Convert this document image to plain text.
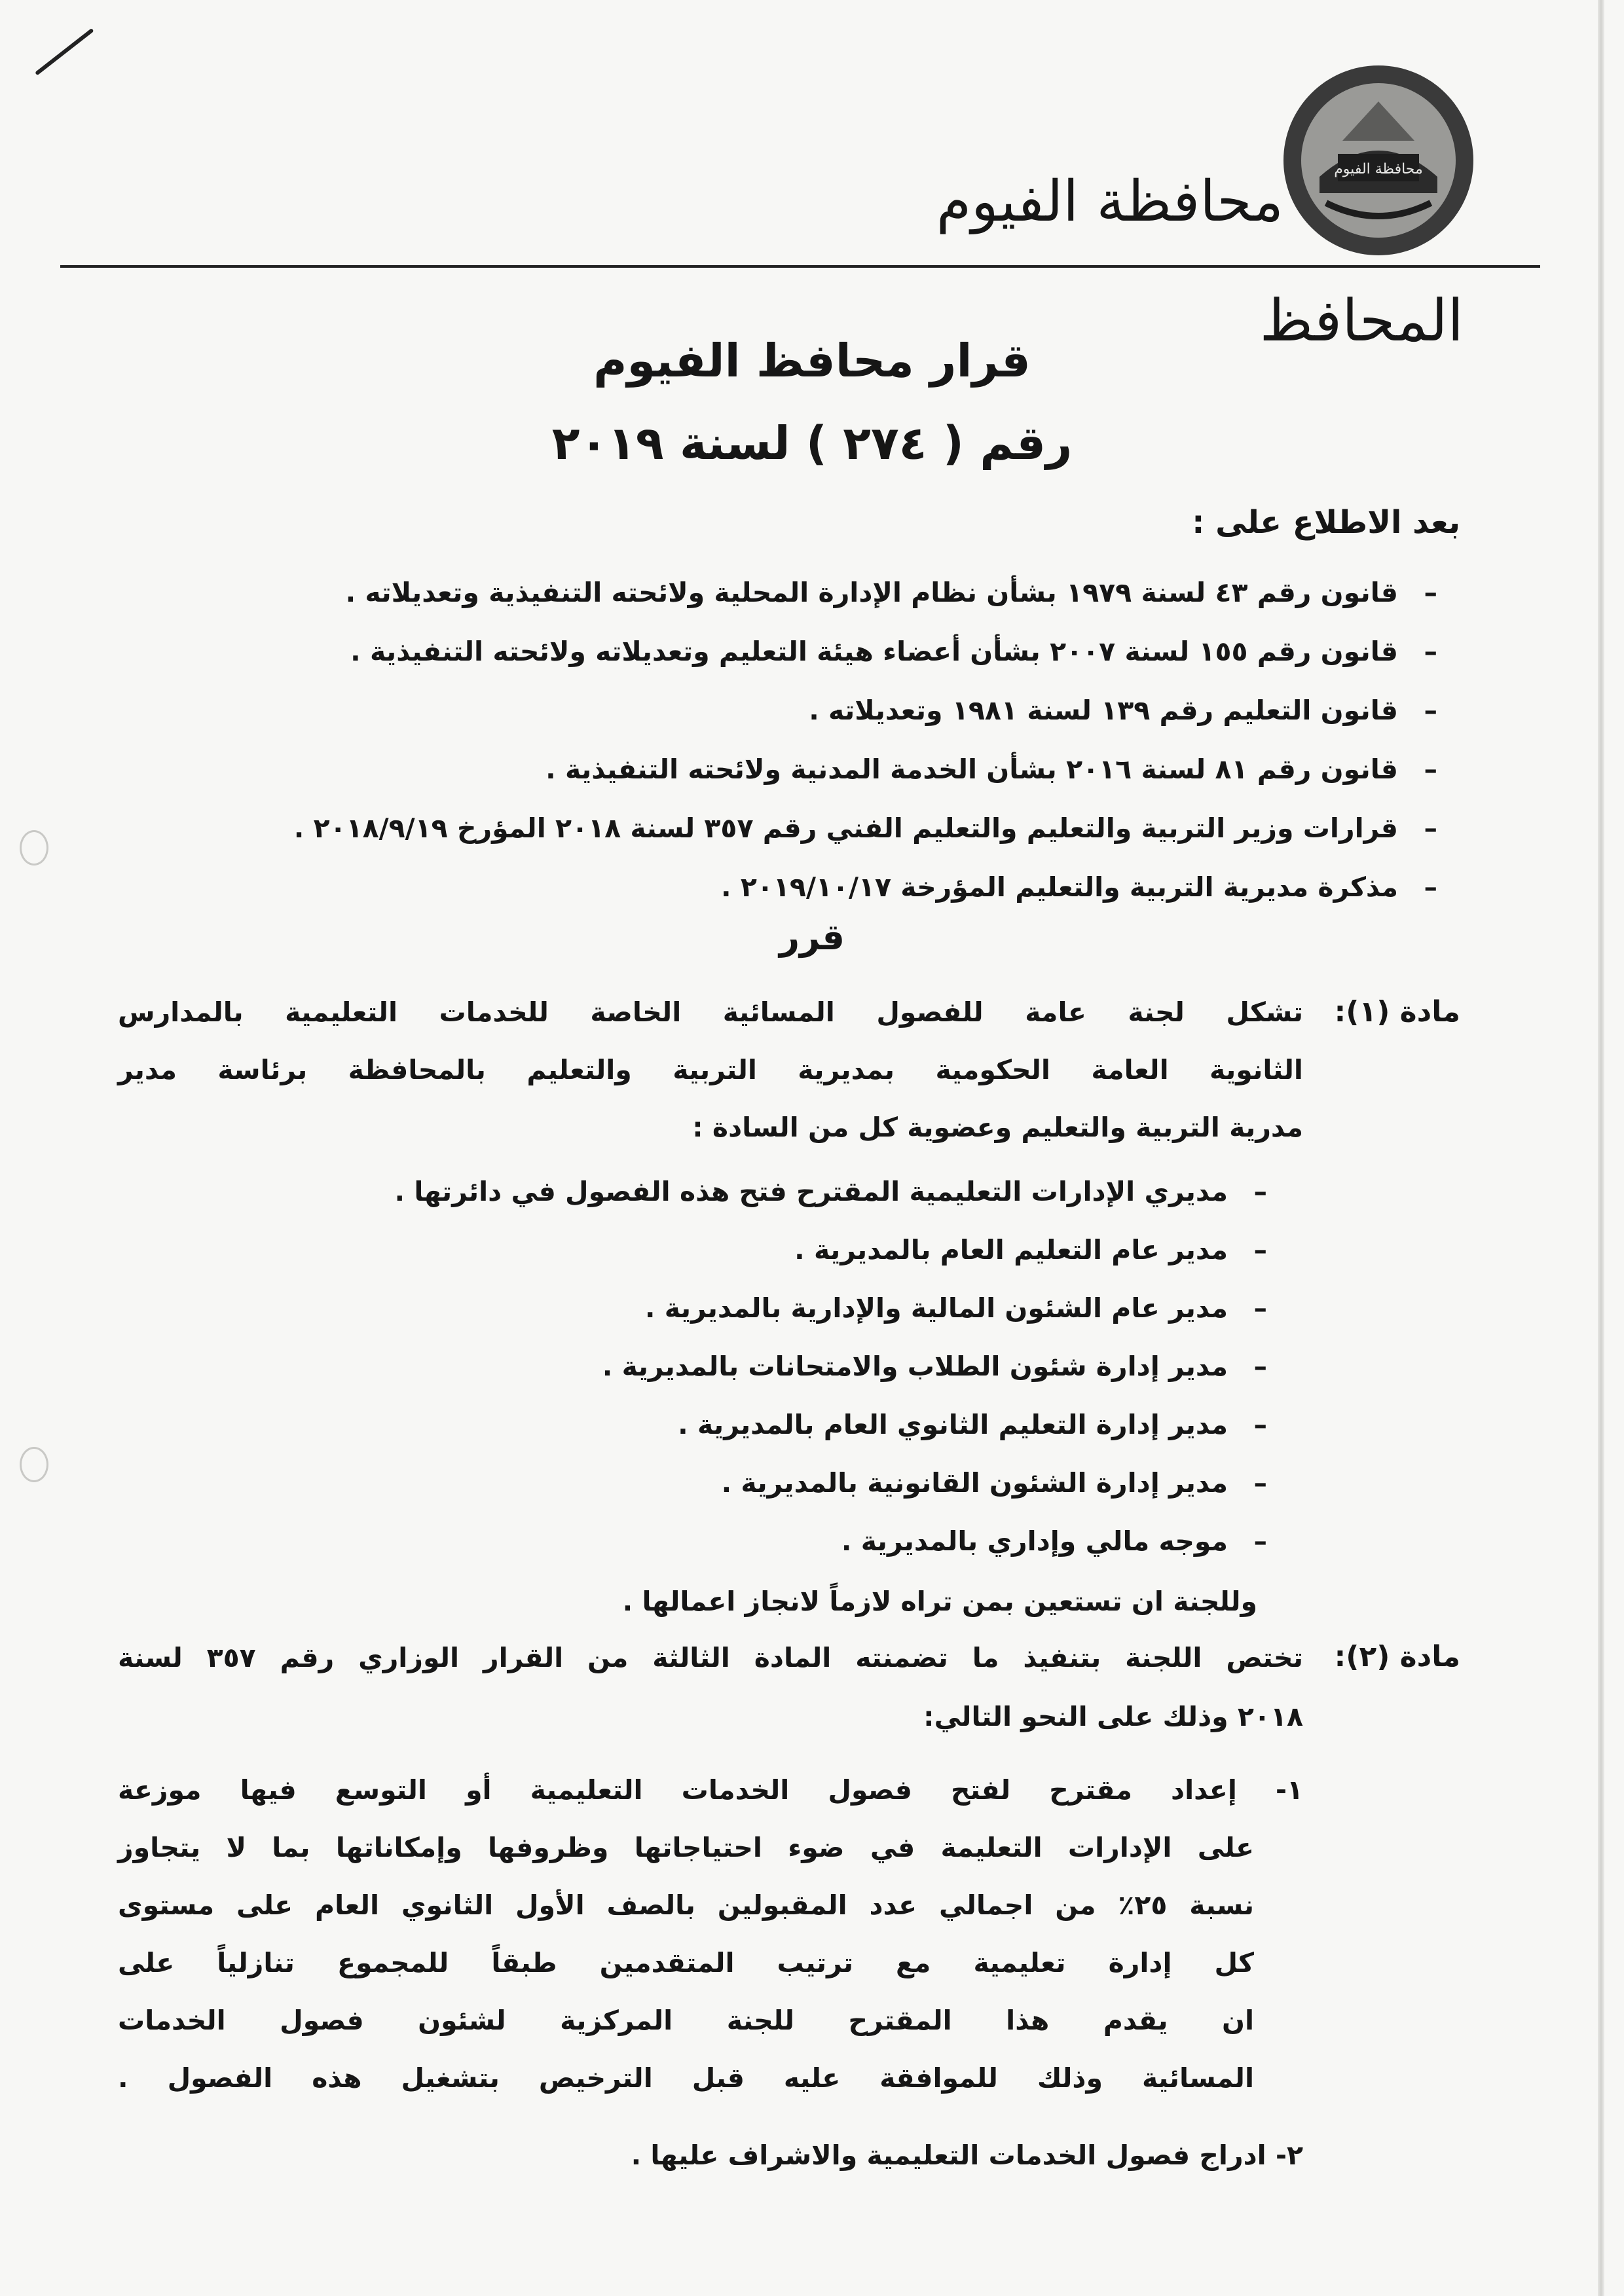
محافظة الفيوم
محافظة الفيوم
المحافظ
قرار محافظ الفيوم
رقم ( ٢٧٤ ) لسنة ٢٠١٩
بعد الاطلاع على :
–
قانون رقم ٤٣ لسنة ١٩٧٩ بشأن نظام الإدارة المحلية ولائحته التنفيذية وتعديلاته .
–
قانون رقم ١٥٥ لسنة ٢٠٠٧ بشأن أعضاء هيئة التعليم وتعديلاته ولائحته التنفيذية .
–
قانون التعليم رقم ١٣٩ لسنة ١٩٨١ وتعديلاته .
–
قانون رقم ٨١ لسنة ٢٠١٦ بشأن الخدمة المدنية ولائحته التنفيذية .
–
قرارات وزير التربية والتعليم والتعليم الفني رقم ٣٥٧ لسنة ٢٠١٨ المؤرخ ٢٠١٨/٩/١٩ .
–
مذكرة مديرية التربية والتعليم المؤرخة ٢٠١٩/١٠/١٧ .
قرر
مادة (١):
تشكل لجنة عامة للفصول المسائية الخاصة للخدمات التعليمية بالمدارس
الثانوية العامة الحكومية بمديرية التربية والتعليم بالمحافظة برئاسة مدير
مدرية التربية والتعليم وعضوية كل من السادة :
–
مديري الإدارات التعليمية المقترح فتح هذه الفصول في دائرتها .
–
مدير عام التعليم العام بالمديرية .
–
مدير عام الشئون المالية والإدارية بالمديرية .
–
مدير إدارة شئون الطلاب والامتحانات بالمديرية .
–
مدير إدارة التعليم الثانوي العام بالمديرية .
–
مدير إدارة الشئون القانونية بالمديرية .
–
موجه مالي وإداري بالمديرية .
وللجنة ان تستعين بمن تراه لازماً لانجاز اعمالها .
مادة (٢):
تختص اللجنة بتنفيذ ما تضمنته المادة الثالثة من القرار الوزاري رقم ٣٥٧ لسنة
٢٠١٨ وذلك على النحو التالي:
١- إعداد مقترح لفتح فصول الخدمات التعليمية أو التوسع فيها موزعة
على الإدارات التعليمة في ضوء احتياجاتها وظروفها وإمكاناتها بما لا يتجاوز
نسبة ٢٥٪ من اجمالي عدد المقبولين بالصف الأول الثانوي العام على مستوى
كل إدارة تعليمية مع ترتيب المتقدمين طبقاً للمجموع تنازلياً على
ان يقدم هذا المقترح للجنة المركزية لشئون فصول الخدمات
المسائية وذلك للموافقة عليه قبل الترخيص بتشغيل هذه الفصول .
٢- ادراج فصول الخدمات التعليمية والاشراف عليها .
